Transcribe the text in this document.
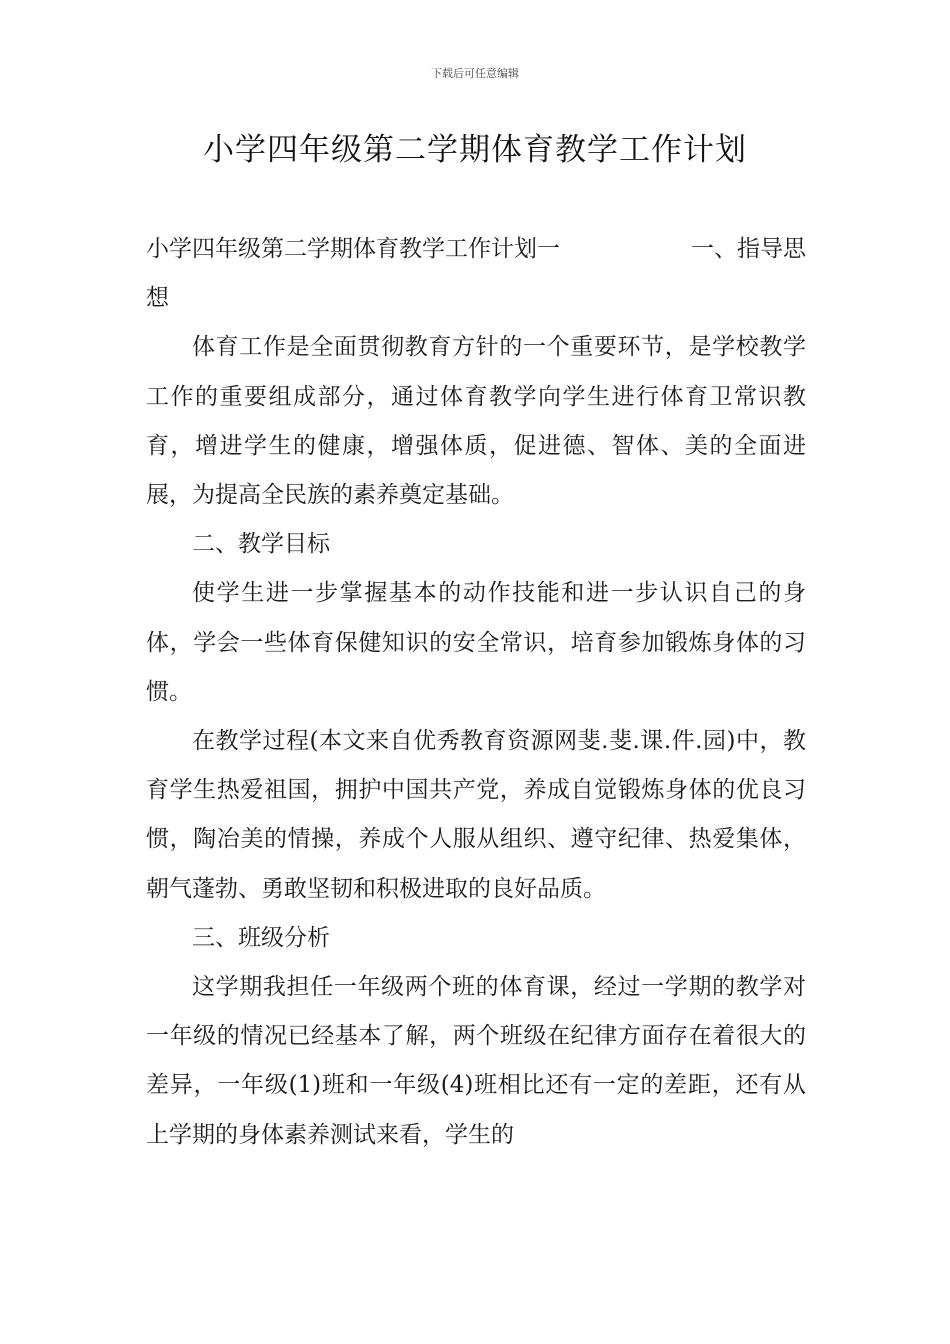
下载后可任意编辑
小学四年级第二学期体育教学工作计划
小学四年级第二学期体育教学工作计划一	一、指导思

想

体育工作是全面贯彻教育方针的一个重要环节，是学校教学工作的重要组成部分，通过体育教学向学生进行体育卫常识教育，增进学生的健康，增强体质，促进德、智体、美的全面进展，为提高全民族的素养奠定基础。

二、教学目标

使学生进一步掌握基本的动作技能和进一步认识自己的身体，学会一些体育保健知识的安全常识，培育参加锻炼身体的习惯。

在教学过程(本文来自优秀教育资源网斐.斐.课.件.园)中，教育学生热爱祖国，拥护中国共产党，养成自觉锻炼身体的优良习惯，陶冶美的情操，养成个人服从组织、遵守纪律、热爱集体，朝气蓬勃、勇敢坚韧和积极进取的良好品质。

三、班级分析

这学期我担任一年级两个班的体育课，经过一学期的教学对一年级的情况已经基本了解，两个班级在纪律方面存在着很大的差异，一年级(1)班和一年级(4)班相比还有一定的差距，还有从上学期的身体素养测试来看，学生的
